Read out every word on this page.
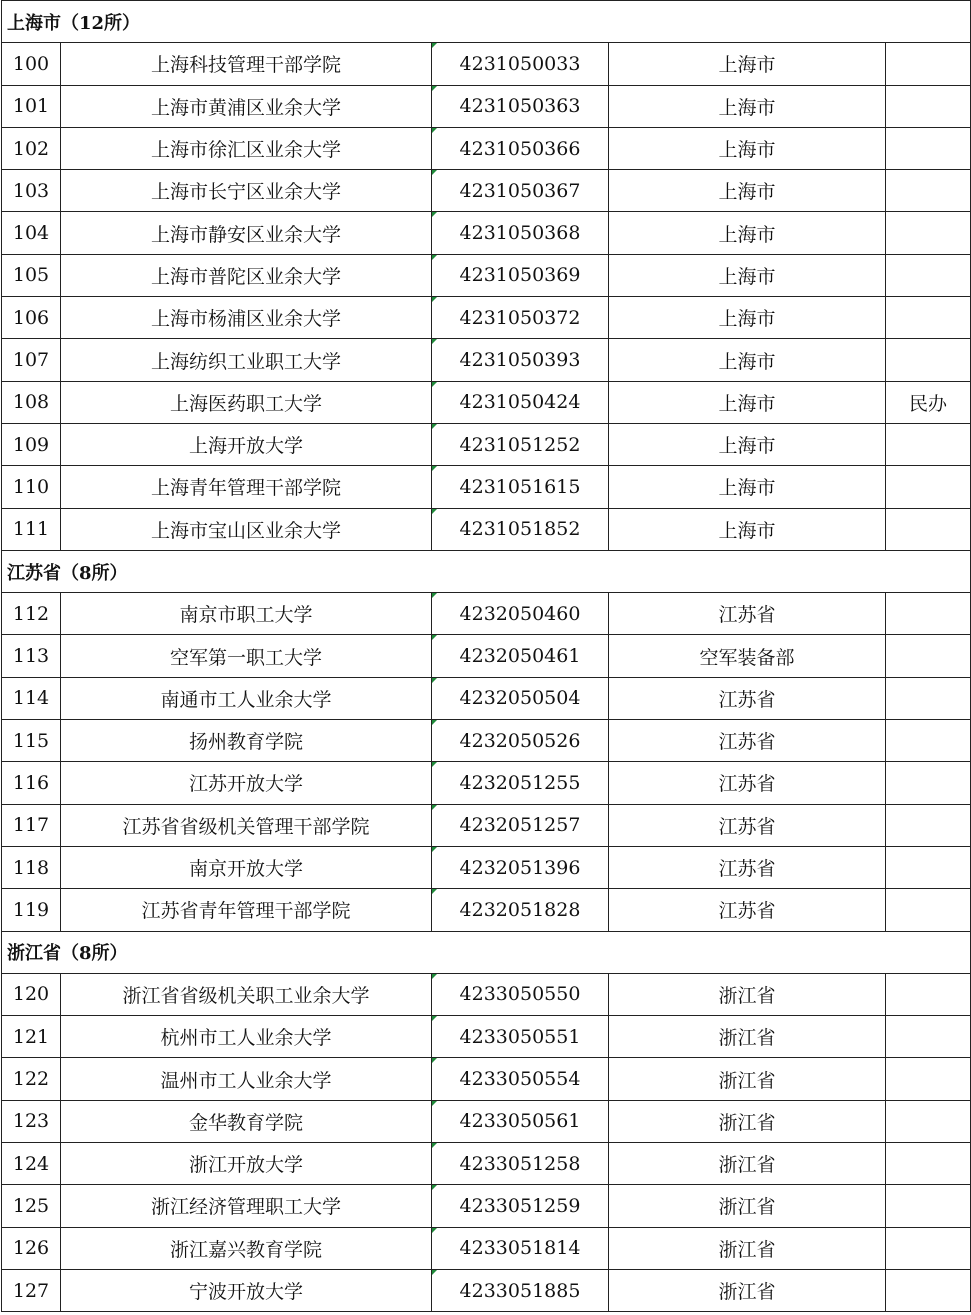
上海市（12所）				
100	上海科技管理干部学院	4231050033	上海市	
101	上海市黄浦区业余大学	4231050363	上海市	
102	上海市徐汇区业余大学	4231050366	上海市	
103	上海市长宁区业余大学	4231050367	上海市	
104	上海市静安区业余大学	4231050368	上海市	
105	上海市普陀区业余大学	4231050369	上海市	
106	上海市杨浦区业余大学	4231050372	上海市	
107	上海纺织工业职工大学	4231050393	上海市	
108	上海医药职工大学	4231050424	上海市	民办
109	上海开放大学	4231051252	上海市	
110	上海青年管理干部学院	4231051615	上海市	
111	上海市宝山区业余大学	4231051852	上海市	
江苏省（8所）				
112	南京市职工大学	4232050460	江苏省	
113	空军第一职工大学	4232050461	空军装备部	
114	南通市工人业余大学	4232050504	江苏省	
115	扬州教育学院	4232050526	江苏省	
116	江苏开放大学	4232051255	江苏省	
117	江苏省省级机关管理干部学院	4232051257	江苏省	
118	南京开放大学	4232051396	江苏省	
119	江苏省青年管理干部学院	4232051828	江苏省	
浙江省（8所）				
120	浙江省省级机关职工业余大学	4233050550	浙江省	
121	杭州市工人业余大学	4233050551	浙江省	
122	温州市工人业余大学	4233050554	浙江省	
123	金华教育学院	4233050561	浙江省	
124	浙江开放大学	4233051258	浙江省	
125	浙江经济管理职工大学	4233051259	浙江省	
126	浙江嘉兴教育学院	4233051814	浙江省	
127	宁波开放大学	4233051885	浙江省	
